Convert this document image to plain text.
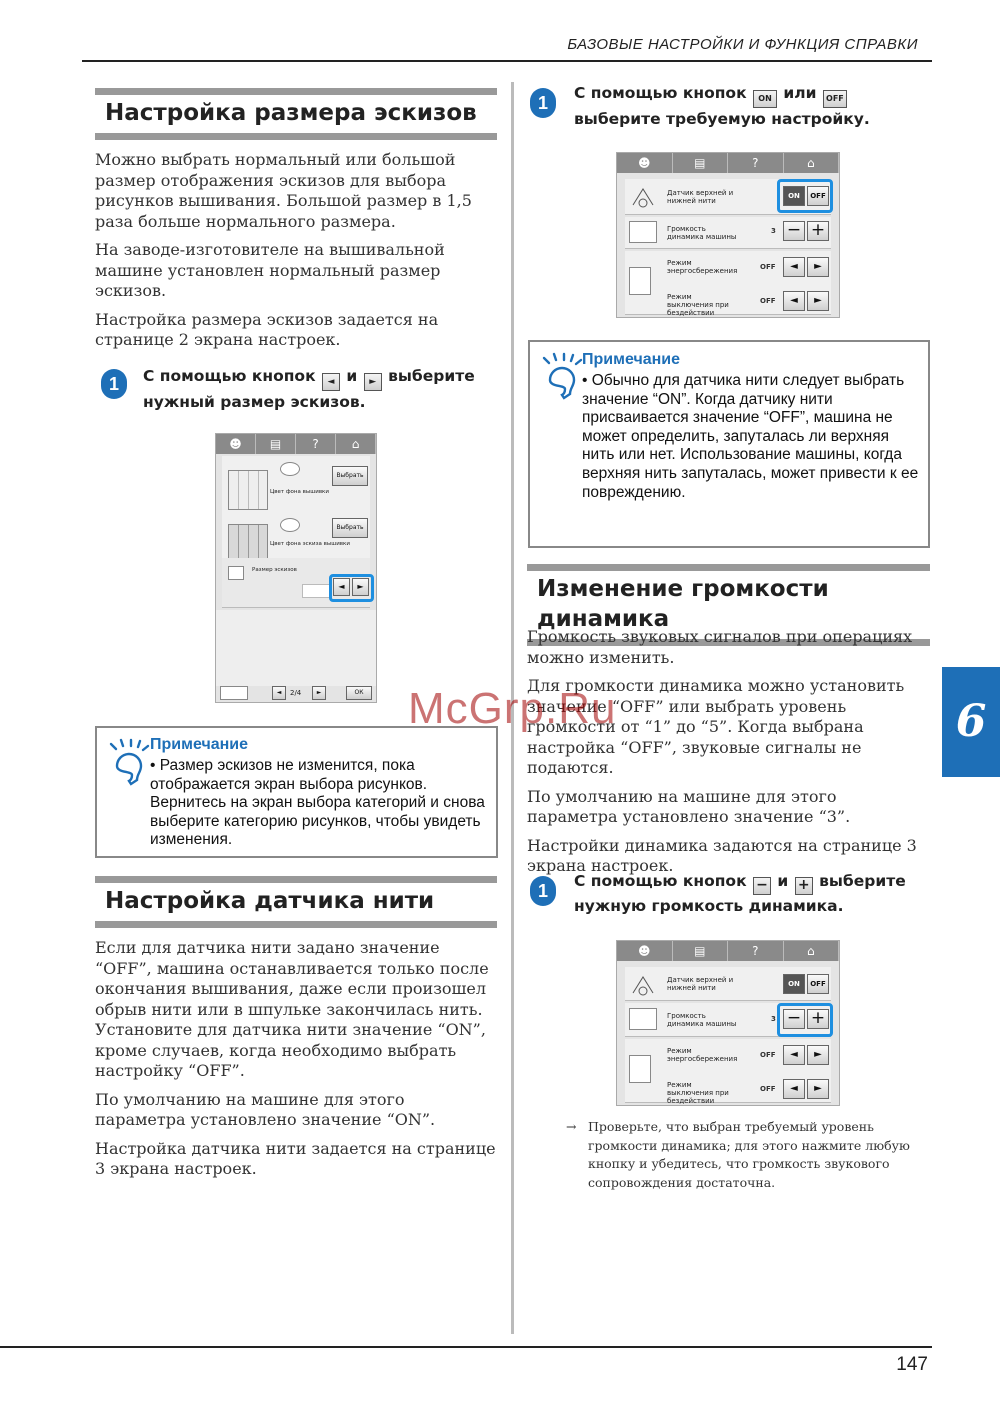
БАЗОВЫЕ НАСТРОЙКИ И ФУНКЦИЯ СПРАВКИ
6
Настройка размера эскизов

Можно выбрать нормальный или большой размер отображения эскизов для выбора рисунков вышивания. Большой размер в 1,5 раза больше нормального размера.

На заводе-изготовителе на вышивальной машине установлен нормальный размер эскизов.

Настройка размера эскизов задается на странице 2 экрана настроек.

1	С помощью кнопок ◄ и ► выберите нужный размер эскизов.
☻	▤	?	⌂
Выбрать
Цвет фона вышивки
Выбрать
Цвет фона эскиза вышивки
Размер эскизов
◄	►
◄	2/4	►	ОК
Примечание
• Размер эскизов не изменится, пока отображается экран выбора рисунков. Вернитесь на экран выбора категорий и снова выберите категорию рисунков, чтобы увидеть изменения.
Настройка датчика нити

Если для датчика нити задано значение “OFF”, машина останавливается только после окончания вышивания, даже если произошел обрыв нити или в шпульке закончилась нить. Установите для датчика нити значение “ON”, кроме случаев, когда необходимо выбрать настройку “OFF”.

По умолчанию на машине для этого параметра установлено значение “ON”.

Настройка датчика нити задается на странице 3 экрана настроек.

1	С помощью кнопок ON или OFF выберите требуемую настройку.
☻	▤	?	⌂
Датчик верхней и нижней нити
ON	OFF
Громкость динамика машины
3 − +
Режим энергосбережения
Режим выключения при бездействии
OFF	◄	►
OFF	◄	►
Примечание
• Обычно для датчика нити следует выбрать значение “ON”. Когда датчику нити присваивается значение “OFF”, машина не может определить, запуталась ли верхняя нить или нет. Использование машины, когда верхняя нить запуталась, может привести к ее повреждению.
Изменение громкости динамика

Громкость звуковых сигналов при операциях можно изменить.

Для громкости динамика можно установить значение “OFF” или выбрать уровень громкости от “1” до “5”. Когда выбрана настройка “OFF”, звуковые сигналы не подаются.

По умолчанию на машине для этого параметра установлено значение “3”.

Настройки динамика задаются на странице 3 экрана настроек.

1	С помощью кнопок − и + выберите нужную громкость динамика.
☻	▤	?	⌂
Датчик верхней и нижней нити	ON	OFF
Громкость динамика машины
3 − +
Режим энергосбережения
Режим выключения при бездействии
OFF	◄	►
OFF	◄	►
→ Проверьте, что выбран требуемый уровень громкости динамика; для этого нажмите любую кнопку и убедитесь, что громкость звукового сопровождения достаточна.
McGrp.Ru
147
